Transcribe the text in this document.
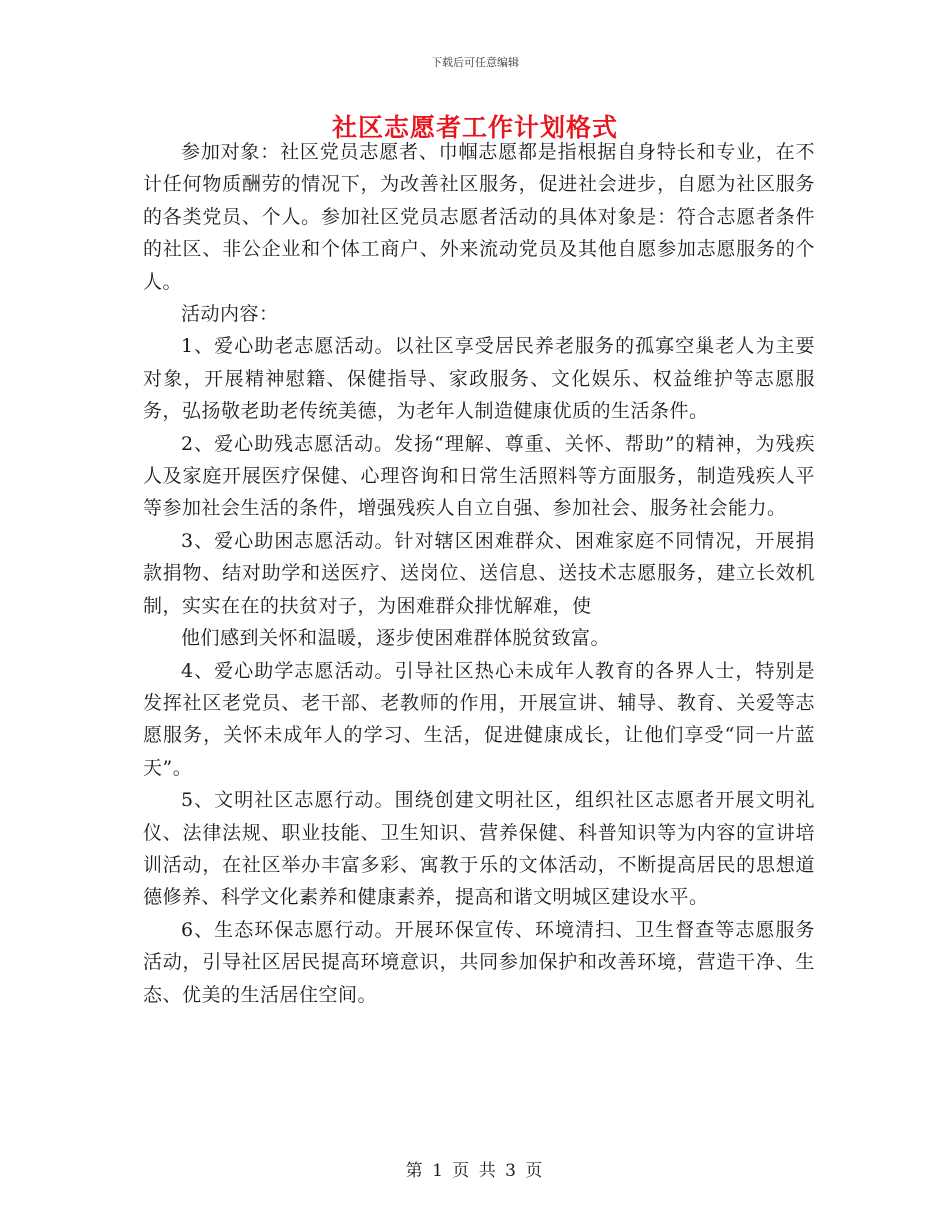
下载后可任意编辑
社区志愿者工作计划格式

参加对象：社区党员志愿者、巾帼志愿都是指根据自身特长和专业，在不计任何物质酬劳的情况下，为改善社区服务，促进社会进步，自愿为社区服务的各类党员、个人。参加社区党员志愿者活动的具体对象是：符合志愿者条件的社区、非公企业和个体工商户、外来流动党员及其他自愿参加志愿服务的个人。

活动内容：

1、爱心助老志愿活动。以社区享受居民养老服务的孤寡空巢老人为主要对象，开展精神慰籍、保健指导、家政服务、文化娱乐、权益维护等志愿服务，弘扬敬老助老传统美德，为老年人制造健康优质的生活条件。

2、爱心助残志愿活动。发扬“理解、尊重、关怀、帮助”的精神，为残疾人及家庭开展医疗保健、心理咨询和日常生活照料等方面服务，制造残疾人平等参加社会生活的条件，增强残疾人自立自强、参加社会、服务社会能力。

3、爱心助困志愿活动。针对辖区困难群众、困难家庭不同情况，开展捐款捐物、结对助学和送医疗、送岗位、送信息、送技术志愿服务，建立长效机制，实实在在的扶贫对子，为困难群众排忧解难，使

他们感到关怀和温暖，逐步使困难群体脱贫致富。

4、爱心助学志愿活动。引导社区热心未成年人教育的各界人士，特别是发挥社区老党员、老干部、老教师的作用，开展宣讲、辅导、教育、关爱等志愿服务，关怀未成年人的学习、生活，促进健康成长，让他们享受“同一片蓝天”。

5、文明社区志愿行动。围绕创建文明社区，组织社区志愿者开展文明礼仪、法律法规、职业技能、卫生知识、营养保健、科普知识等为内容的宣讲培训活动，在社区举办丰富多彩、寓教于乐的文体活动，不断提高居民的思想道德修养、科学文化素养和健康素养，提高和谐文明城区建设水平。

6、生态环保志愿行动。开展环保宣传、环境清扫、卫生督查等志愿服务活动，引导社区居民提高环境意识，共同参加保护和改善环境，营造干净、生态、优美的生活居住空间。

第 1 页 共 3 页
